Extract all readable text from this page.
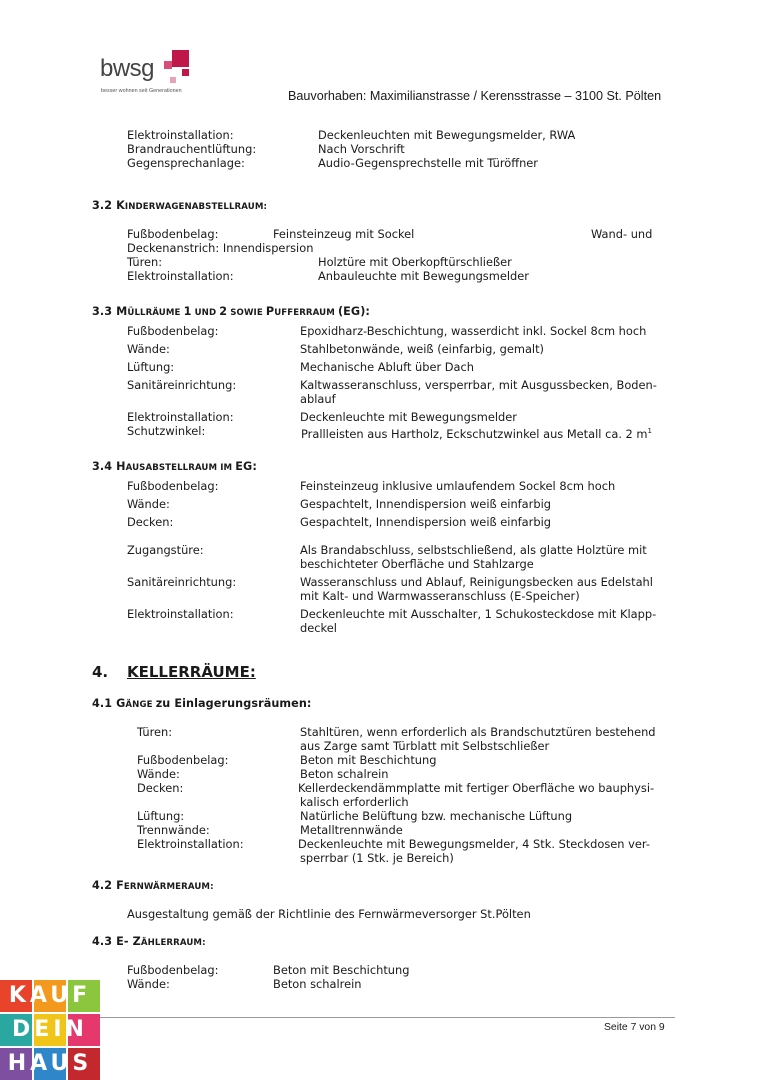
bwsg
besser wohnen seit Generationen	Bauvorhaben: Maximilianstrasse / Kerensstrasse – 3100 St. Pölten
Elektroinstallation:	Deckenleuchten mit Bewegungsmelder, RWA
Brandrauchentlüftung:	Nach Vorschrift
Gegensprechanlage:	Audio-Gegensprechstelle mit Türöffner
3.2 KINDERWAGENABSTELLRAUM:
Fußbodenbelag:	Feinsteinzeug mit Sockel	Wand- und
Deckenanstrich: Innendispersion
Türen:	Holztüre mit Oberkopftürschließer
Elektroinstallation:	Anbauleuchte mit Bewegungsmelder
3.3 MÜLLRÄUME 1 UND 2 SOWIE PUFFERRAUM (EG):
Fußbodenbelag:	Epoxidharz-Beschichtung, wasserdicht inkl. Sockel 8cm hoch
Wände:	Stahlbetonwände, weiß (einfarbig, gemalt)
Lüftung:	Mechanische Abluft über Dach
Sanitäreinrichtung:	Kaltwasseranschluss, versperrbar, mit Ausgussbecken, Boden-
ablauf
Elektroinstallation:	Deckenleuchte mit Bewegungsmelder
Schutzwinkel:	Prallleisten aus Hartholz, Eckschutzwinkel aus Metall ca. 2 $m^1$
3.4 HAUSABSTELLRAUM IM EG:
Fußbodenbelag:	Feinsteinzeug inklusive umlaufendem Sockel 8cm hoch
Wände:	Gespachtelt, Innendispersion weiß einfarbig
Decken:	Gespachtelt, Innendispersion weiß einfarbig
Zugangstüre:	Als Brandabschluss, selbstschließend, als glatte Holztüre mit
beschichteter Oberfläche und Stahlzarge
Sanitäreinrichtung:	Wasseranschluss und Ablauf, Reinigungsbecken aus Edelstahl
mit Kalt- und Warmwasseranschluss (E-Speicher)
Elektroinstallation:	Deckenleuchte mit Ausschalter, 1 Schukosteckdose mit Klapp-
deckel
4. KELLERRÄUME:
4.1 GÄNGE zu Einlagerungsräumen:
Türen:	Stahltüren, wenn erforderlich als Brandschutztüren bestehend
aus Zarge samt Türblatt mit Selbstschließer
Fußbodenbelag:	Beton mit Beschichtung
Wände:	Beton schalrein
Decken:	Kellerdeckendämmplatte mit fertiger Oberfläche wo bauphysi-
kalisch erforderlich
Lüftung:	Natürliche Belüftung bzw. mechanische Lüftung
Trennwände:	Metalltrennwände
Elektroinstallation:	Deckenleuchte mit Bewegungsmelder, 4 Stk. Steckdosen ver-
sperrbar (1 Stk. je Bereich)
4.2 FERNWÄRMERAUM:
Ausgestaltung gemäß der Richtlinie des Fernwärmeversorger St.Pölten
4.3 E- ZÄHLERRAUM:
Fußbodenbelag:	Beton mit Beschichtung
Wände:	Beton schalrein
Seite 7 von 9
KAUF
DEIN
HAUS
